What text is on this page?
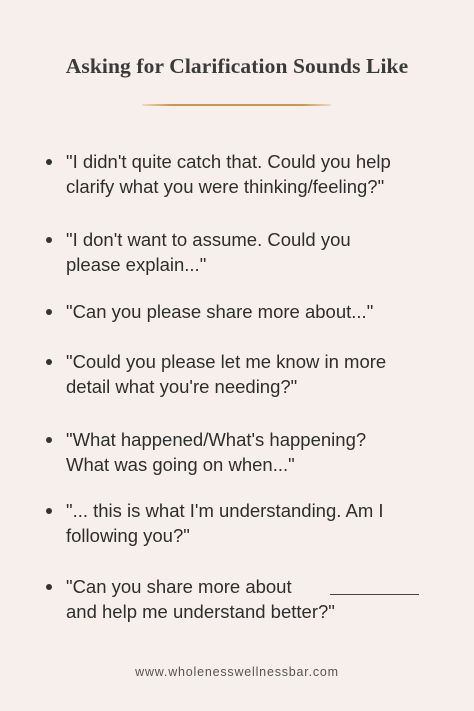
Asking for Clarification Sounds Like
"I didn't quite catch that. Could you help
clarify what you were thinking/feeling?"
"I don't want to assume. Could you
please explain..."
"Can you please share more about..."
"Could you please let me know in more
detail what you're needing?"
"What happened/What's happening?
What was going on when..."
"... this is what I'm understanding. Am I
following you?"
"Can you share more about
and help me understand better?"
www.wholenesswellnessbar.com
